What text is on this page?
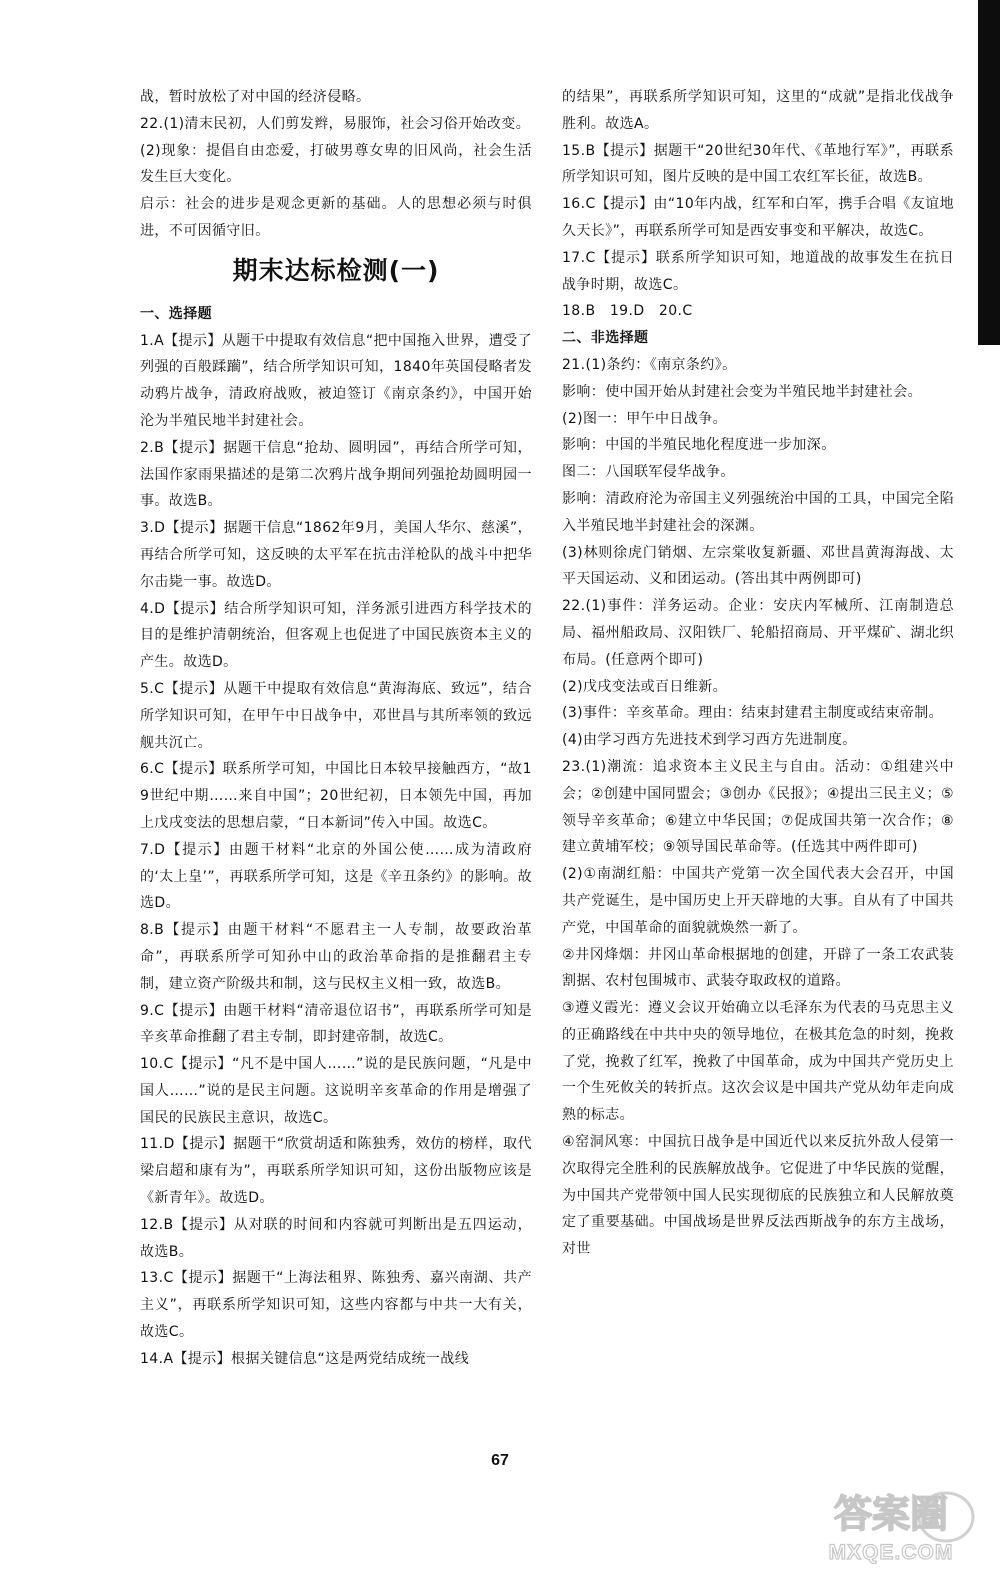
战，暂时放松了对中国的经济侵略。

22.(1)清末民初，人们剪发辫，易服饰，社会习俗开始改变。

(2)现象：提倡自由恋爱，打破男尊女卑的旧风尚，社会生活发生巨大变化。

启示：社会的进步是观念更新的基础。人的思想必须与时俱进，不可因循守旧。

期末达标检测(一)

一、选择题

1.A【提示】从题干中提取有效信息“把中国拖入世界，遭受了列强的百般蹂躏”，结合所学知识可知，1840年英国侵略者发动鸦片战争，清政府战败，被迫签订《南京条约》，中国开始沦为半殖民地半封建社会。

2.B【提示】据题干信息“抢劫、圆明园”，再结合所学可知，法国作家雨果描述的是第二次鸦片战争期间列强抢劫圆明园一事。故选B。

3.D【提示】据题干信息“1862年9月，美国人华尔、慈溪”，再结合所学可知，这反映的太平军在抗击洋枪队的战斗中把华尔击毙一事。故选D。

4.D【提示】结合所学知识可知，洋务派引进西方科学技术的目的是维护清朝统治，但客观上也促进了中国民族资本主义的产生。故选D。

5.C【提示】从题干中提取有效信息“黄海海底、致远”，结合所学知识可知，在甲午中日战争中，邓世昌与其所率领的致远舰共沉亡。

6.C【提示】联系所学可知，中国比日本较早接触西方，“故19世纪中期……来自中国”；20世纪初，日本领先中国，再加上戊戌变法的思想启蒙，“日本新词”传入中国。故选C。

7.D【提示】由题干材料“北京的外国公使……成为清政府的‘太上皇’”，再联系所学可知，这是《辛丑条约》的影响。故选D。

8.B【提示】由题干材料“不愿君主一人专制，故要政治革命”，再联系所学可知孙中山的政治革命指的是推翻君主专制，建立资产阶级共和制，这与民权主义相一致，故选B。

9.C【提示】由题干材料“清帝退位诏书”，再联系所学可知是辛亥革命推翻了君主专制，即封建帝制，故选C。

10.C【提示】“凡不是中国人……”说的是民族问题，“凡是中国人……”说的是民主问题。这说明辛亥革命的作用是增强了国民的民族民主意识，故选C。

11.D【提示】据题干“欣赏胡适和陈独秀，效仿的榜样，取代梁启超和康有为”，再联系所学知识可知，这份出版物应该是《新青年》。故选D。

12.B【提示】从对联的时间和内容就可判断出是五四运动，故选B。

13.C【提示】据题干“上海法租界、陈独秀、嘉兴南湖、共产主义”，再联系所学知识可知，这些内容都与中共一大有关，故选C。

14.A【提示】根据关键信息“这是两党结成统一战线

的结果”，再联系所学知识可知，这里的“成就”是指北伐战争胜利。故选A。

15.B【提示】据题干“20世纪30年代、《革地行军》”，再联系所学知识可知，图片反映的是中国工农红军长征，故选B。

16.C【提示】由“10年内战，红军和白军，携手合唱《友谊地久天长》”，再联系所学可知是西安事变和平解决，故选C。

17.C【提示】联系所学知识可知，地道战的故事发生在抗日战争时期，故选C。

18.B　19.D　20.C

二、非选择题

21.(1)条约：《南京条约》。

影响：使中国开始从封建社会变为半殖民地半封建社会。

(2)图一：甲午中日战争。

影响：中国的半殖民地化程度进一步加深。

图二：八国联军侵华战争。

影响：清政府沦为帝国主义列强统治中国的工具，中国完全陷入半殖民地半封建社会的深渊。

(3)林则徐虎门销烟、左宗棠收复新疆、邓世昌黄海海战、太平天国运动、义和团运动。(答出其中两例即可)

22.(1)事件：洋务运动。企业：安庆内军械所、江南制造总局、福州船政局、汉阳铁厂、轮船招商局、开平煤矿、湖北织布局。(任意两个即可)

(2)戊戌变法或百日维新。

(3)事件：辛亥革命。理由：结束封建君主制度或结束帝制。

(4)由学习西方先进技术到学习西方先进制度。

23.(1)潮流：追求资本主义民主与自由。活动：①组建兴中会；②创建中国同盟会；③创办《民报》；④提出三民主义；⑤领导辛亥革命；⑥建立中华民国；⑦促成国共第一次合作；⑧建立黄埔军校；⑨领导国民革命等。(任选其中两件即可)

(2)①南湖红船：中国共产党第一次全国代表大会召开，中国共产党诞生，是中国历史上开天辟地的大事。自从有了中国共产党，中国革命的面貌就焕然一新了。

②井冈烽烟：井冈山革命根据地的创建，开辟了一条工农武装割据、农村包围城市、武装夺取政权的道路。

③遵义霞光：遵义会议开始确立以毛泽东为代表的马克思主义的正确路线在中共中央的领导地位，在极其危急的时刻，挽救了党，挽救了红军，挽救了中国革命，成为中国共产党历史上一个生死攸关的转折点。这次会议是中国共产党从幼年走向成熟的标志。

④窑洞风寒：中国抗日战争是中国近代以来反抗外敌人侵第一次取得完全胜利的民族解放战争。它促进了中华民族的觉醒，为中国共产党带领中国人民实现彻底的民族独立和人民解放奠定了重要基础。中国战场是世界反法西斯战争的东方主战场，对世

67
答案圈
MXQE.COM
